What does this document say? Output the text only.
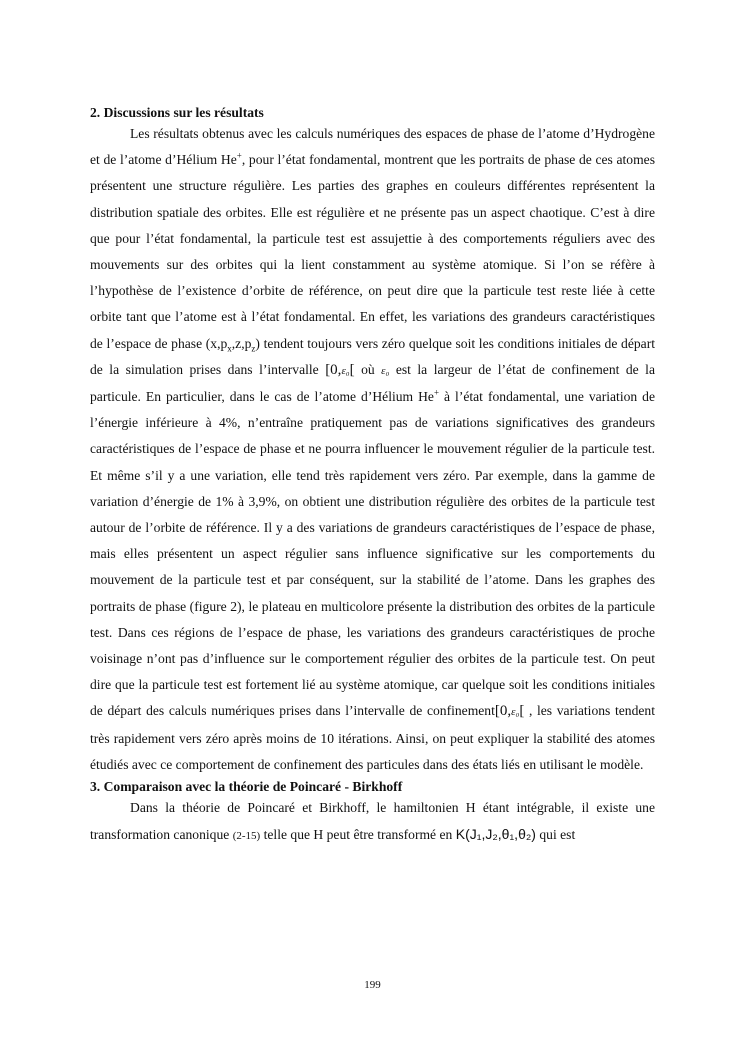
2. Discussions sur les résultats

Les résultats obtenus avec les calculs numériques des espaces de phase de l’atome d’Hydrogène et de l’atome d’Hélium He+, pour l’état fondamental, montrent que les portraits de phase de ces atomes présentent une structure régulière. Les parties des graphes en couleurs différentes représentent la distribution spatiale des orbites. Elle est régulière et ne présente pas un aspect chaotique. C’est à dire que pour l’état fondamental, la particule test est assujettie à des comportements réguliers avec des mouvements sur des orbites qui la lient constamment au système atomique. Si l’on se réfère à l’hypothèse de l’existence d’orbite de référence, on peut dire que la particule test reste liée à cette orbite tant que l’atome est à l’état fondamental. En effet, les variations des grandeurs caractéristiques de l’espace de phase $(x,p_x,z,p_z)$ tendent toujours vers zéro quelque soit les conditions initiales de départ de la simulation prises dans l’intervalle [0,ε₀[ où ε₀ est la largeur de l’état de confinement de la particule. En particulier, dans le cas de l’atome d’Hélium He+ à l’état fondamental, une variation de l’énergie inférieure à 4%, n’entraîne pratiquement pas de variations significatives des grandeurs caractéristiques de l’espace de phase et ne pourra influencer le mouvement régulier de la particule test. Et même s’il y a une variation, elle tend très rapidement vers zéro. Par exemple, dans la gamme de variation d’énergie de 1% à 3,9%, on obtient une distribution régulière des orbites de la particule test autour de l’orbite de référence. Il y a des variations de grandeurs caractéristiques de l’espace de phase, mais elles présentent un aspect régulier sans influence significative sur les comportements du mouvement de la particule test et par conséquent, sur la stabilité de l’atome. Dans les graphes des portraits de phase (figure 2), le plateau en multicolore présente la distribution des orbites de la particule test. Dans ces régions de l’espace de phase, les variations des grandeurs caractéristiques de proche voisinage n’ont pas d’influence sur le comportement régulier des orbites de la particule test. On peut dire que la particule test est fortement lié au système atomique, car quelque soit les conditions initiales de départ des calculs numériques prises dans l’intervalle de confinement[0,ε₀[ , les variations tendent très rapidement vers zéro après moins de 10 itérations. Ainsi, on peut expliquer la stabilité des atomes étudiés avec ce comportement de confinement des particules dans des états liés en utilisant le modèle.

3. Comparaison avec la théorie de Poincaré - Birkhoff

Dans la théorie de Poincaré et Birkhoff, le hamiltonien H étant intégrable, il existe une transformation canonique (2-15) telle que H peut être transformé en K(J₁,J₂,θ₁,θ₂) qui est

199
